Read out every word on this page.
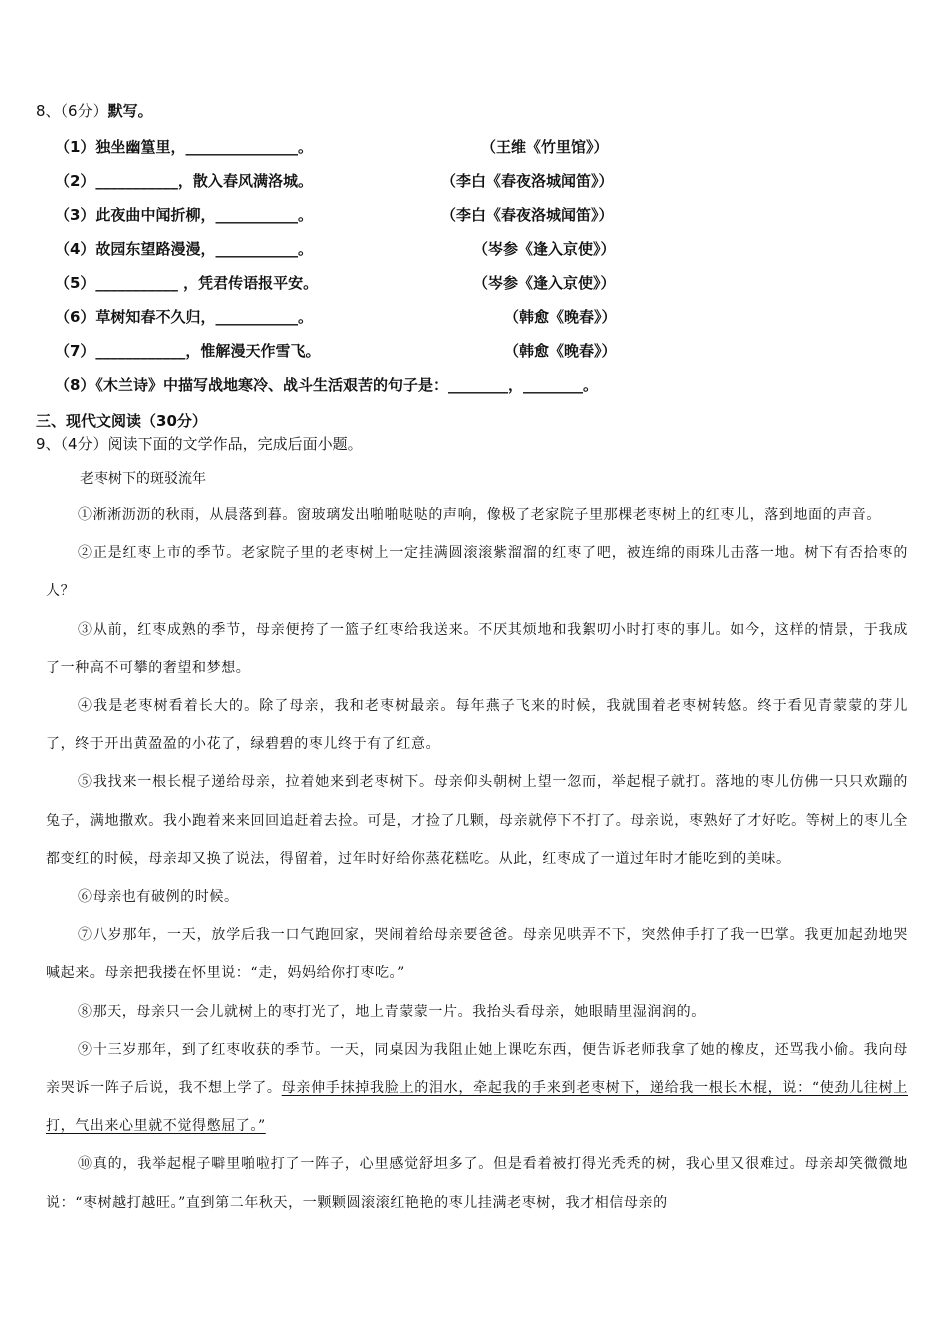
8、（6分）默写。
（1）独坐幽篁里，_______________。	（王维《竹里馆》）
（2）___________，散入春风满洛城。	（李白《春夜洛城闻笛》）
（3）此夜曲中闻折柳，___________。	（李白《春夜洛城闻笛》）
（4）故园东望路漫漫，___________。	（岑参《逢入京使》）
（5）___________ ，凭君传语报平安。	（岑参《逢入京使》）
（6）草树知春不久归，___________。	（韩愈《晚春》）
（7）____________，惟解漫天作雪飞。	（韩愈《晚春》）
（8）《木兰诗》中描写战地寒冷、战斗生活艰苦的句子是：________，________。
三、现代文阅读（30分）
9、（4分）阅读下面的文学作品，完成后面小题。
老枣树下的斑驳流年

①淅淅沥沥的秋雨，从晨落到暮。窗玻璃发出啪啪哒哒的声响，像极了老家院子里那棵老枣树上的红枣儿，落到地面的声音。

②正是红枣上市的季节。老家院子里的老枣树上一定挂满圆滚滚紫溜溜的红枣了吧，被连绵的雨珠儿击落一地。树下有否拾枣的人？

③从前，红枣成熟的季节，母亲便挎了一篮子红枣给我送来。不厌其烦地和我絮叨小时打枣的事儿。如今，这样的情景，于我成了一种高不可攀的奢望和梦想。

④我是老枣树看着长大的。除了母亲，我和老枣树最亲。每年燕子飞来的时候，我就围着老枣树转悠。终于看见青蒙蒙的芽儿了，终于开出黄盈盈的小花了，绿碧碧的枣儿终于有了红意。

⑤我找来一根长棍子递给母亲，拉着她来到老枣树下。母亲仰头朝树上望一忽而，举起棍子就打。落地的枣儿仿佛一只只欢蹦的兔子，满地撒欢。我小跑着来来回回追赶着去捡。可是，才捡了几颗，母亲就停下不打了。母亲说，枣熟好了才好吃。等树上的枣儿全都变红的时候，母亲却又换了说法，得留着，过年时好给你蒸花糕吃。从此，红枣成了一道过年时才能吃到的美味。

⑥母亲也有破例的时候。

⑦八岁那年，一天，放学后我一口气跑回家，哭闹着给母亲要爸爸。母亲见哄弄不下，突然伸手打了我一巴掌。我更加起劲地哭喊起来。母亲把我搂在怀里说：“走，妈妈给你打枣吃。”

⑧那天，母亲只一会儿就树上的枣打光了，地上青蒙蒙一片。我抬头看母亲，她眼睛里湿润润的。

⑨十三岁那年，到了红枣收获的季节。一天，同桌因为我阻止她上课吃东西，便告诉老师我拿了她的橡皮，还骂我小偷。我向母亲哭诉一阵子后说，我不想上学了。母亲伸手抹掉我脸上的泪水，牵起我的手来到老枣树下，递给我一根长木棍，说：“使劲儿往树上打，气出来心里就不觉得憋屈了。”

⑩真的，我举起棍子噼里啪啦打了一阵子，心里感觉舒坦多了。但是看着被打得光秃秃的树，我心里又很难过。母亲却笑微微地说：“枣树越打越旺。”直到第二年秋天，一颗颗圆滚滚红艳艳的枣儿挂满老枣树，我才相信母亲的
